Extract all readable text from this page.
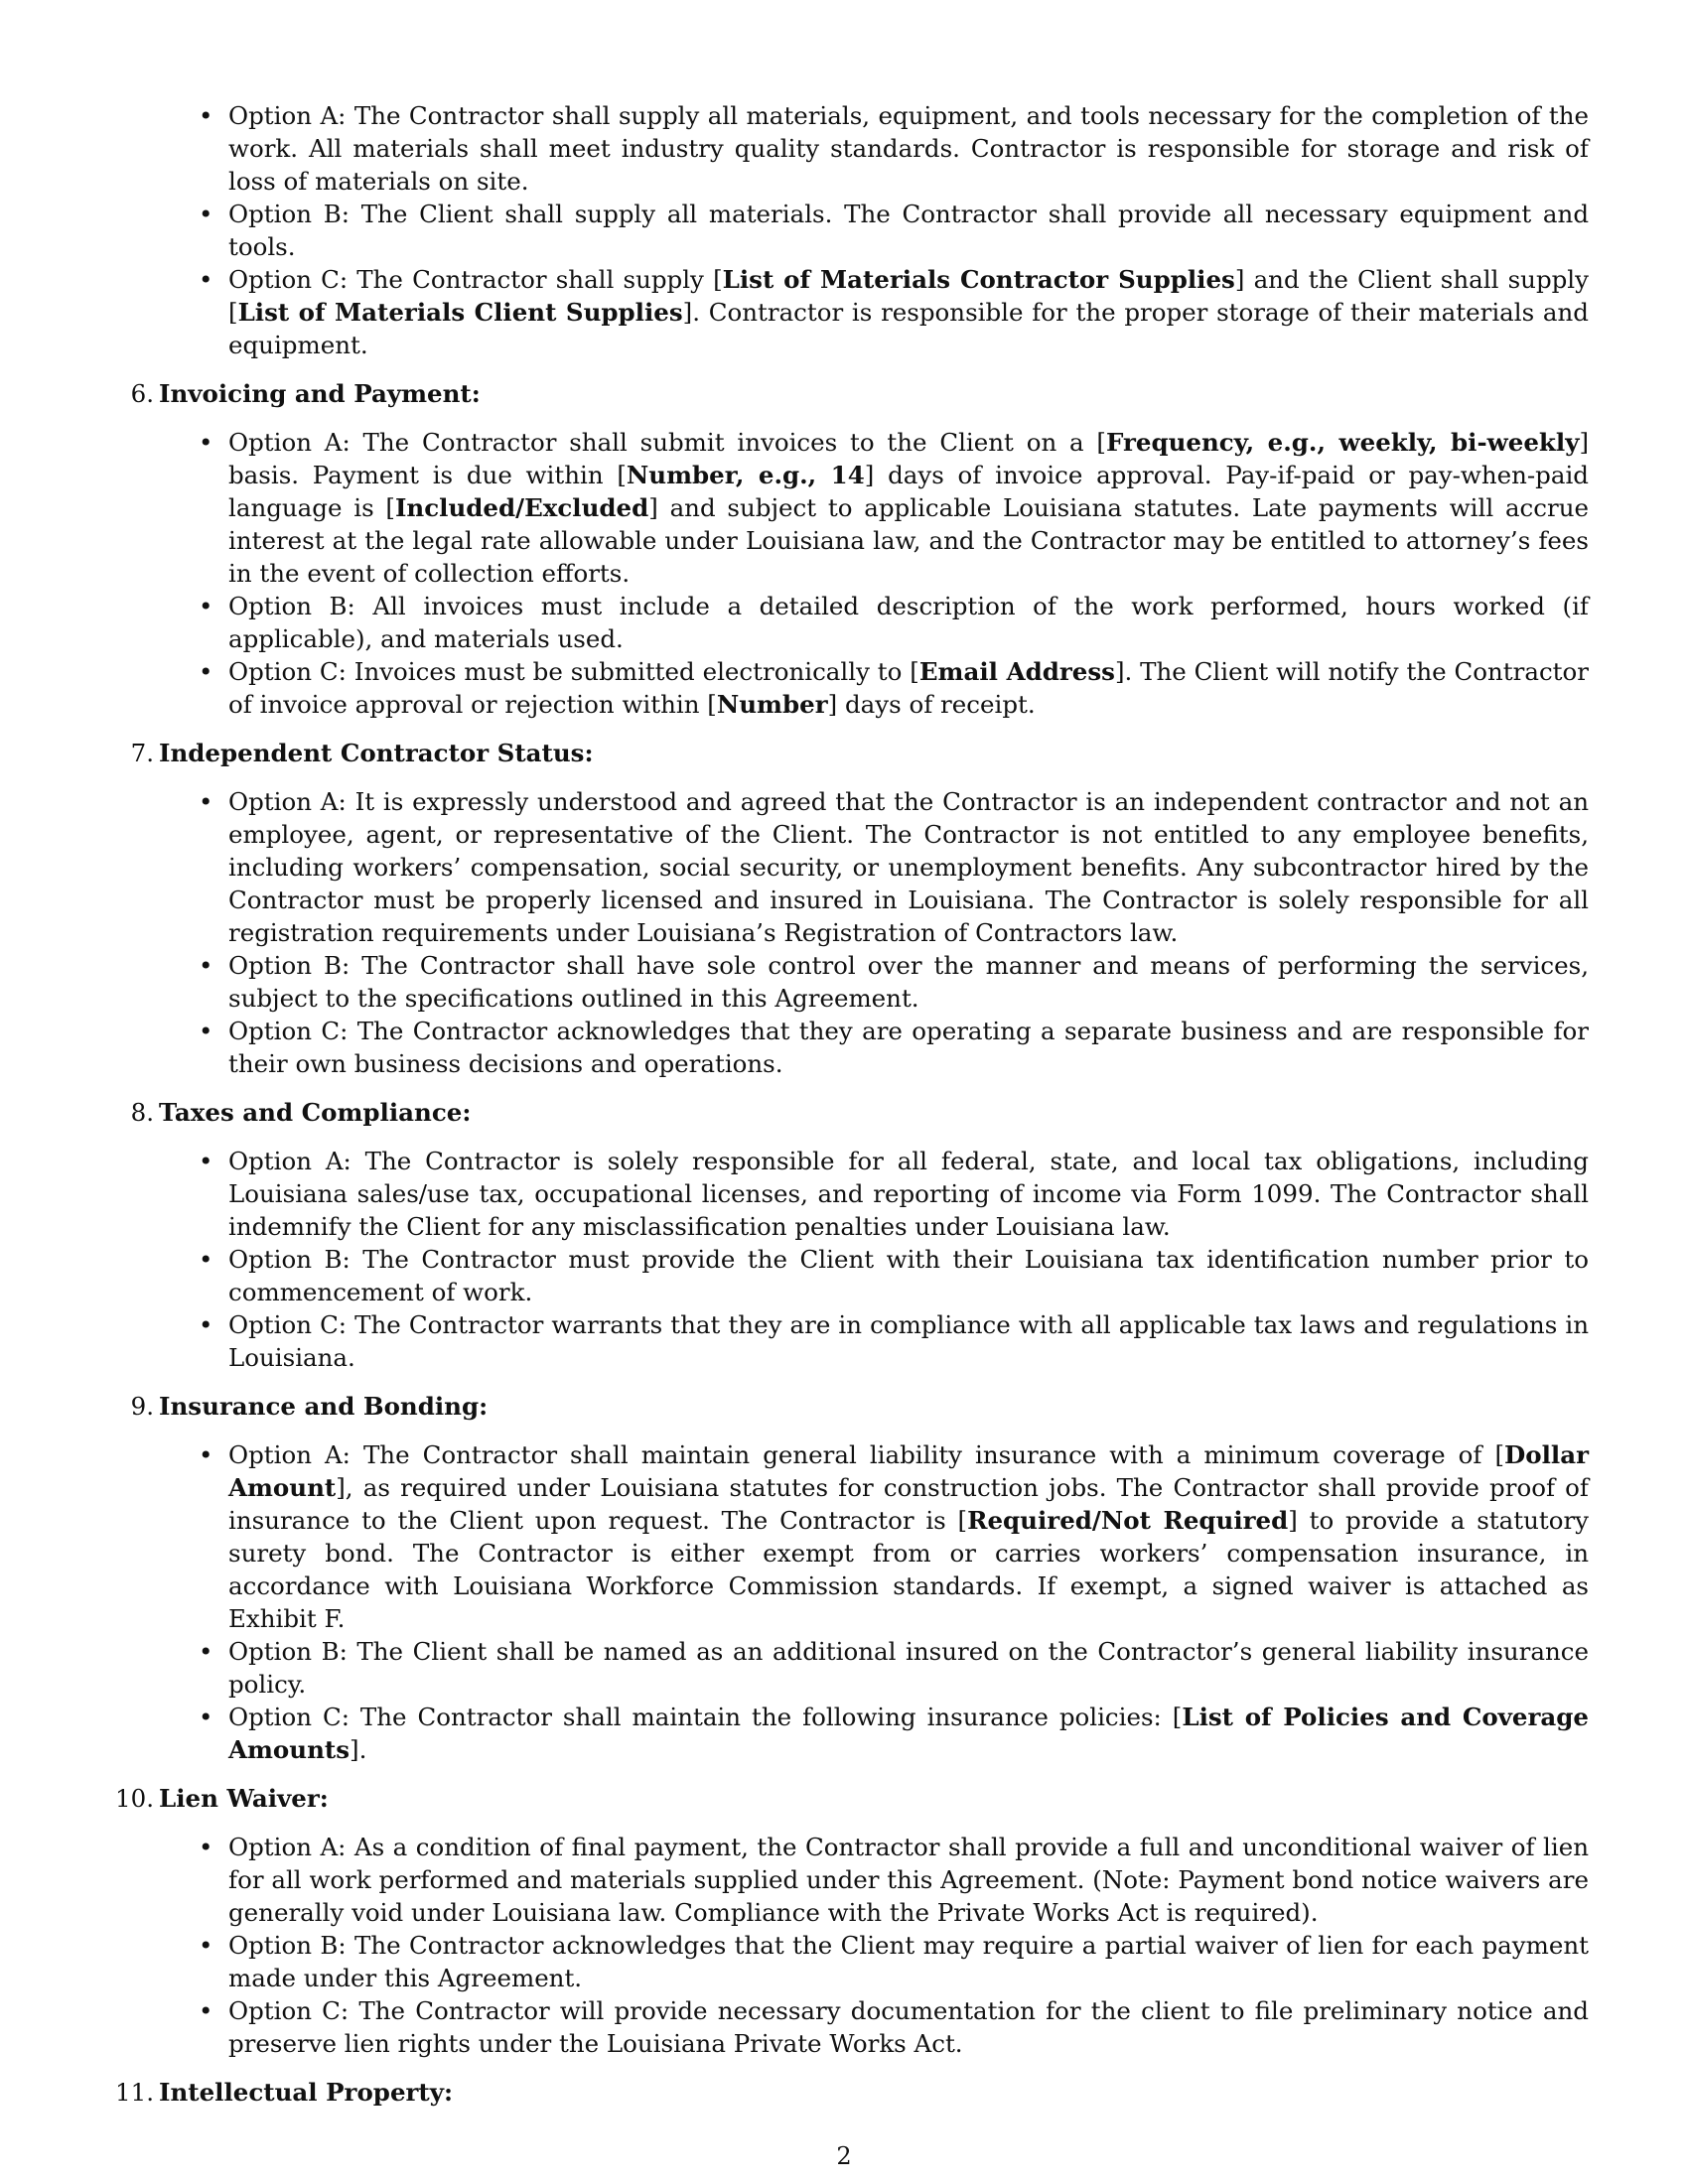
• Option A: The Contractor shall supply all materials, equipment, and tools necessary for the completion of the work. All materials shall meet industry quality standards. Contractor is responsible for storage and risk of loss of materials on site.
• Option B: The Client shall supply all materials. The Contractor shall provide all necessary equipment and tools.
• Option C: The Contractor shall supply [List of Materials Contractor Supplies] and the Client shall supply [List of Materials Client Supplies]. Contractor is responsible for the proper storage of their materials and equipment.
6. Invoicing and Payment:
• Option A: The Contractor shall submit invoices to the Client on a [Frequency, e.g., weekly, bi-weekly] basis. Payment is due within [Number, e.g., 14] days of invoice approval. Pay-if-paid or pay-when-paid language is [Included/Excluded] and subject to applicable Louisiana statutes. Late payments will accrue interest at the legal rate allowable under Louisiana law, and the Contractor may be entitled to attorney’s fees in the event of collection efforts.
• Option B: All invoices must include a detailed description of the work performed, hours worked (if applicable), and materials used.
• Option C: Invoices must be submitted electronically to [Email Address]. The Client will notify the Contractor of invoice approval or rejection within [Number] days of receipt.
7. Independent Contractor Status:
• Option A: It is expressly understood and agreed that the Contractor is an independent contractor and not an employee, agent, or representative of the Client. The Contractor is not entitled to any employee benefits, including workers’ compensation, social security, or unemployment benefits. Any subcontractor hired by the Contractor must be properly licensed and insured in Louisiana. The Contractor is solely responsible for all registration requirements under Louisiana’s Registration of Contractors law.
• Option B: The Contractor shall have sole control over the manner and means of performing the services, subject to the specifications outlined in this Agreement.
• Option C: The Contractor acknowledges that they are operating a separate business and are responsible for their own business decisions and operations.
8. Taxes and Compliance:
• Option A: The Contractor is solely responsible for all federal, state, and local tax obligations, including Louisiana sales/use tax, occupational licenses, and reporting of income via Form 1099. The Contractor shall indemnify the Client for any misclassification penalties under Louisiana law.
• Option B: The Contractor must provide the Client with their Louisiana tax identification number prior to commencement of work.
• Option C: The Contractor warrants that they are in compliance with all applicable tax laws and regulations in Louisiana.
9. Insurance and Bonding:
• Option A: The Contractor shall maintain general liability insurance with a minimum coverage of [Dollar Amount], as required under Louisiana statutes for construction jobs. The Contractor shall provide proof of insurance to the Client upon request. The Contractor is [Required/Not Required] to provide a statutory surety bond. The Contractor is either exempt from or carries workers’ compensation insurance, in accordance with Louisiana Workforce Commission standards. If exempt, a signed waiver is attached as Exhibit F.
• Option B: The Client shall be named as an additional insured on the Contractor’s general liability insurance policy.
• Option C: The Contractor shall maintain the following insurance policies: [List of Policies and Coverage Amounts].
10. Lien Waiver:
• Option A: As a condition of final payment, the Contractor shall provide a full and unconditional waiver of lien for all work performed and materials supplied under this Agreement. (Note: Payment bond notice waivers are generally void under Louisiana law. Compliance with the Private Works Act is required).
• Option B: The Contractor acknowledges that the Client may require a partial waiver of lien for each payment made under this Agreement.
• Option C: The Contractor will provide necessary documentation for the client to file preliminary notice and preserve lien rights under the Louisiana Private Works Act.
11. Intellectual Property:
2
